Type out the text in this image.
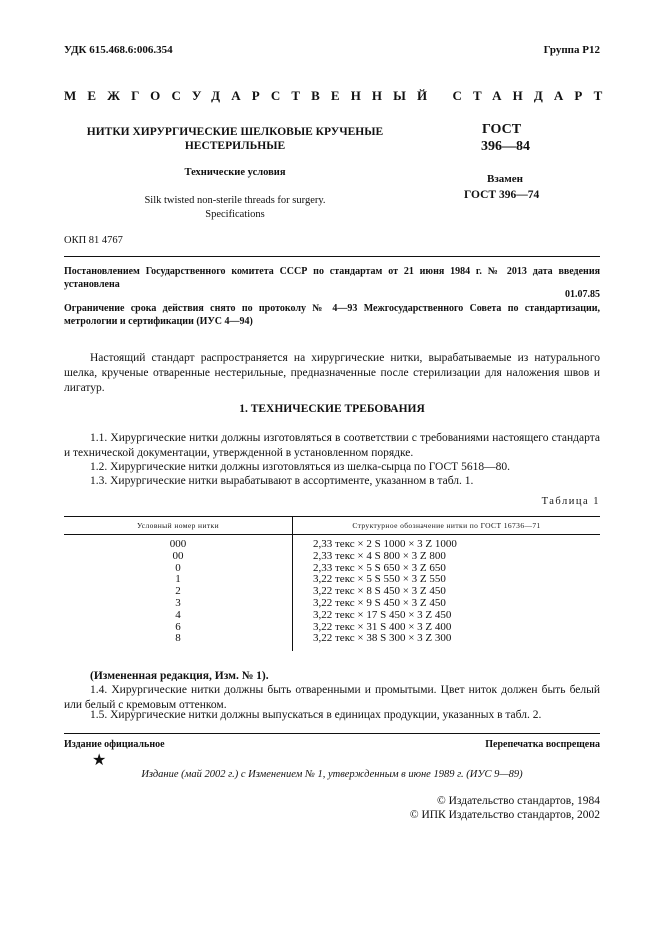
УДК 615.468.6:006.354	Группа Р12
МЕЖГОСУДАРСТВЕННЫЙ СТАНДАРТ
НИТКИ ХИРУРГИЧЕСКИЕ ШЕЛКОВЫЕ КРУЧЕНЫЕ
НЕСТЕРИЛЬНЫЕ
Технические условия
Silk twisted non-sterile threads for surgery.
Specifications
ГОСТ
396—84
Взамен
ГОСТ 396—74
ОКП 81 4767
Постановлением Государственного комитета СССР по стандартам от 21 июня 1984 г. № 2013 дата введения установлена
01.07.85
Ограничение срока действия снято по протоколу № 4—93 Межгосударственного Совета по стандартизации, метрологии и сертификации (ИУС 4—94)
Настоящий стандарт распространяется на хирургические нитки, вырабатываемые из натурального шелка, крученые отваренные нестерильные, предназначенные после стерилизации для наложения швов и лигатур.
1. ТЕХНИЧЕСКИЕ ТРЕБОВАНИЯ
1.1. Хирургические нитки должны изготовляться в соответствии с требованиями настоящего стандарта и технической документации, утвержденной в установленном порядке.
1.2. Хирургические нитки должны изготовляться из шелка-сырца по ГОСТ 5618—80.
1.3. Хирургические нитки вырабатывают в ассортименте, указанном в табл. 1.
Таблица 1
Условный номер нитки	Структурное обозначение нитки по ГОСТ 16736—71
000	2,33 текс × 2 S 1000 × 3 Z 1000
00	2,33 текс × 4 S 800 × 3 Z 800
0	2,33 текс × 5 S 650 × 3 Z 650
1	3,22 текс × 5 S 550 × 3 Z 550
2	3,22 текс × 8 S 450 × 3 Z 450
3	3,22 текс × 9 S 450 × 3 Z 450
4	3,22 текс × 17 S 450 × 3 Z 450
6	3,22 текс × 31 S 400 × 3 Z 400
8	3,22 текс × 38 S 300 × 3 Z 300
(Измененная редакция, Изм. № 1).
1.4. Хирургические нитки должны быть отваренными и промытыми. Цвет ниток должен быть белый или белый с кремовым оттенком.
1.5. Хирургические нитки должны выпускаться в единицах продукции, указанных в табл. 2.
Издание официальное	Перепечатка воспрещена
★
Издание (май 2002 г.) с Изменением № 1, утвержденным в июне 1989 г. (ИУС 9—89)
© Издательство стандартов, 1984
© ИПК Издательство стандартов, 2002
